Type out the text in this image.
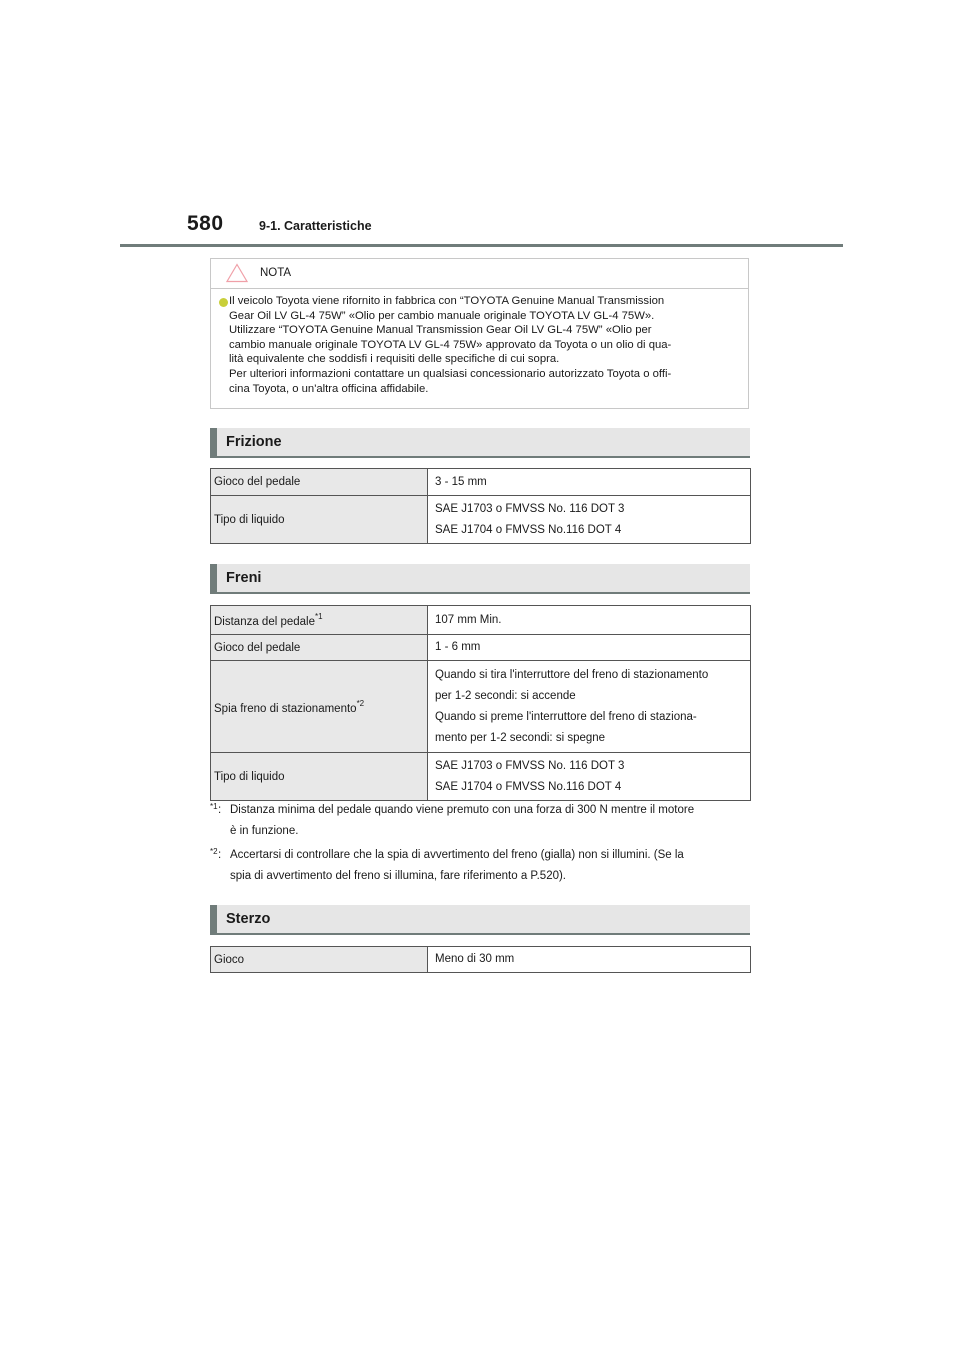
580	9-1. Caratteristiche
NOTA
Il veicolo Toyota viene rifornito in fabbrica con “TOYOTA Genuine Manual Transmission
Gear Oil LV GL-4 75W” «Olio per cambio manuale originale TOYOTA LV GL-4 75W».
Utilizzare “TOYOTA Genuine Manual Transmission Gear Oil LV GL-4 75W” «Olio per
cambio manuale originale TOYOTA LV GL-4 75W» approvato da Toyota o un olio di qua-
lità equivalente che soddisfi i requisiti delle specifiche di cui sopra.
Per ulteriori informazioni contattare un qualsiasi concessionario autorizzato Toyota o offi-
cina Toyota, o un'altra officina affidabile.
Frizione
Gioco del pedale	3 - 15 mm

Tipo di liquido	SAE J1703 o FMVSS No. 116 DOT 3
SAE J1704 o FMVSS No.116 DOT 4
Freni
Distanza del pedale$^{*1}$	107 mm Min.

Gioco del pedale	1 - 6 mm

Spia freno di stazionamento$^{*2}$	Quando si tira l'interruttore del freno di stazionamento
per 1-2 secondi: si accende
Quando si preme l'interruttore del freno di staziona-
mento per 1-2 secondi: si spegne

Tipo di liquido	SAE J1703 o FMVSS No. 116 DOT 3
SAE J1704 o FMVSS No.116 DOT 4
*1 : Distanza minima del pedale quando viene premuto con una forza di 300 N mentre il motore
è in funzione.
*2 : Accertarsi di controllare che la spia di avvertimento del freno (gialla) non si illumini. (Se la
spia di avvertimento del freno si illumina, fare riferimento a P.520).
Sterzo
Gioco	Meno di 30 mm
